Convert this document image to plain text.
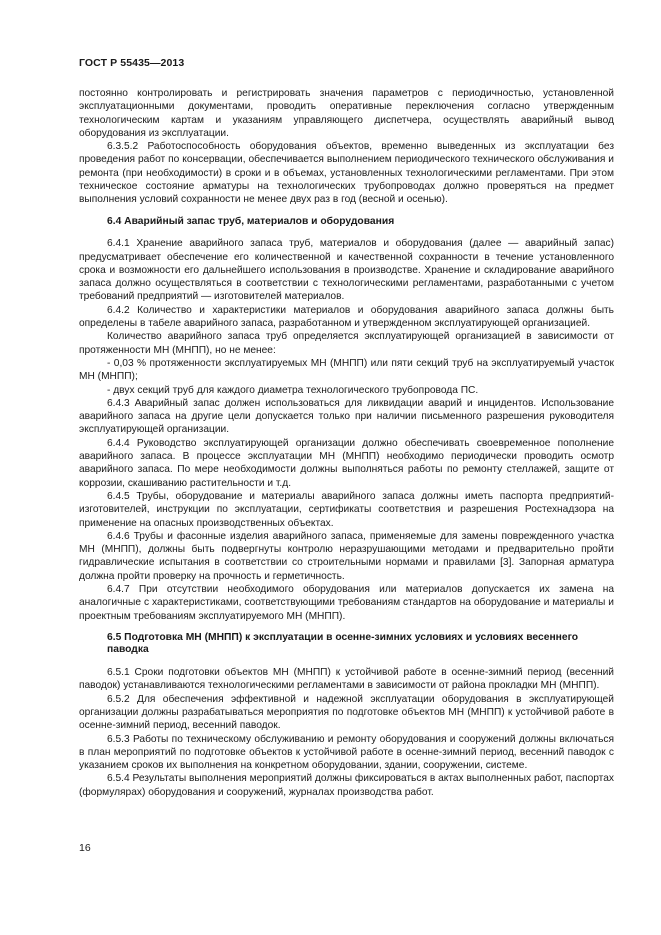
ГОСТ Р 55435—2013

постоянно контролировать и регистрировать значения параметров с периодичностью, установленной эксплуатационными документами, проводить оперативные переключения согласно утвержденным технологическим картам и указаниям управляющего диспетчера, осуществлять аварийный вывод оборудования из эксплуатации.

6.3.5.2 Работоспособность оборудования объектов, временно выведенных из эксплуатации без проведения работ по консервации, обеспечивается выполнением периодического технического обслуживания и ремонта (при необходимости) в сроки и в объемах, установленных технологическими регламентами. При этом техническое состояние арматуры на технологических трубопроводах должно проверяться на предмет выполнения условий сохранности не менее двух раз в год (весной и осенью).

6.4 Аварийный запас труб, материалов и оборудования

6.4.1 Хранение аварийного запаса труб, материалов и оборудования (далее — аварийный запас) предусматривает обеспечение его количественной и качественной сохранности в течение установленного срока и возможности его дальнейшего использования в производстве. Хранение и складирование аварийного запаса должно осуществляться в соответствии с технологическими регламентами, разработанными с учетом требований предприятий — изготовителей материалов.

6.4.2 Количество и характеристики материалов и оборудования аварийного запаса должны быть определены в табеле аварийного запаса, разработанном и утвержденном эксплуатирующей организацией.

Количество аварийного запаса труб определяется эксплуатирующей организацией в зависимости от протяженности МН (МНПП), но не менее:

- 0,03 % протяженности эксплуатируемых МН (МНПП) или пяти секций труб на эксплуатируемый участок МН (МНПП);

- двух секций труб для каждого диаметра технологического трубопровода ПС.

6.4.3 Аварийный запас должен использоваться для ликвидации аварий и инцидентов. Использование аварийного запаса на другие цели допускается только при наличии письменного разрешения руководителя эксплуатирующей организации.

6.4.4 Руководство эксплуатирующей организации должно обеспечивать своевременное пополнение аварийного запаса. В процессе эксплуатации МН (МНПП) необходимо периодически проводить осмотр аварийного запаса. По мере необходимости должны выполняться работы по ремонту стеллажей, защите от коррозии, скашиванию растительности и т.д.

6.4.5 Трубы, оборудование и материалы аварийного запаса должны иметь паспорта предприятий-изготовителей, инструкции по эксплуатации, сертификаты соответствия и разрешения Ростехнадзора на применение на опасных производственных объектах.

6.4.6 Трубы и фасонные изделия аварийного запаса, применяемые для замены поврежденного участка МН (МНПП), должны быть подвергнуты контролю неразрушающими методами и предварительно пройти гидравлические испытания в соответствии со строительными нормами и правилами [3]. Запорная арматура должна пройти проверку на прочность и герметичность.

6.4.7 При отсутствии необходимого оборудования или материалов допускается их замена на аналогичные с характеристиками, соответствующими требованиям стандартов на оборудование и материалы и проектным требованиям эксплуатируемого МН (МНПП).

6.5 Подготовка МН (МНПП) к эксплуатации в осенне-зимних условиях и условиях весеннего паводка

6.5.1 Сроки подготовки объектов МН (МНПП) к устойчивой работе в осенне-зимний период (весенний паводок) устанавливаются технологическими регламентами в зависимости от района прокладки МН (МНПП).

6.5.2 Для обеспечения эффективной и надежной эксплуатации оборудования в эксплуатирующей организации должны разрабатываться мероприятия по подготовке объектов МН (МНПП) к устойчивой работе в осенне-зимний период, весенний паводок.

6.5.3 Работы по техническому обслуживанию и ремонту оборудования и сооружений должны включаться в план мероприятий по подготовке объектов к устойчивой работе в осенне-зимний период, весенний паводок с указанием сроков их выполнения на конкретном оборудовании, здании, сооружении, системе.

6.5.4 Результаты выполнения мероприятий должны фиксироваться в актах выполненных работ, паспортах (формулярах) оборудования и сооружений, журналах производства работ.

16
